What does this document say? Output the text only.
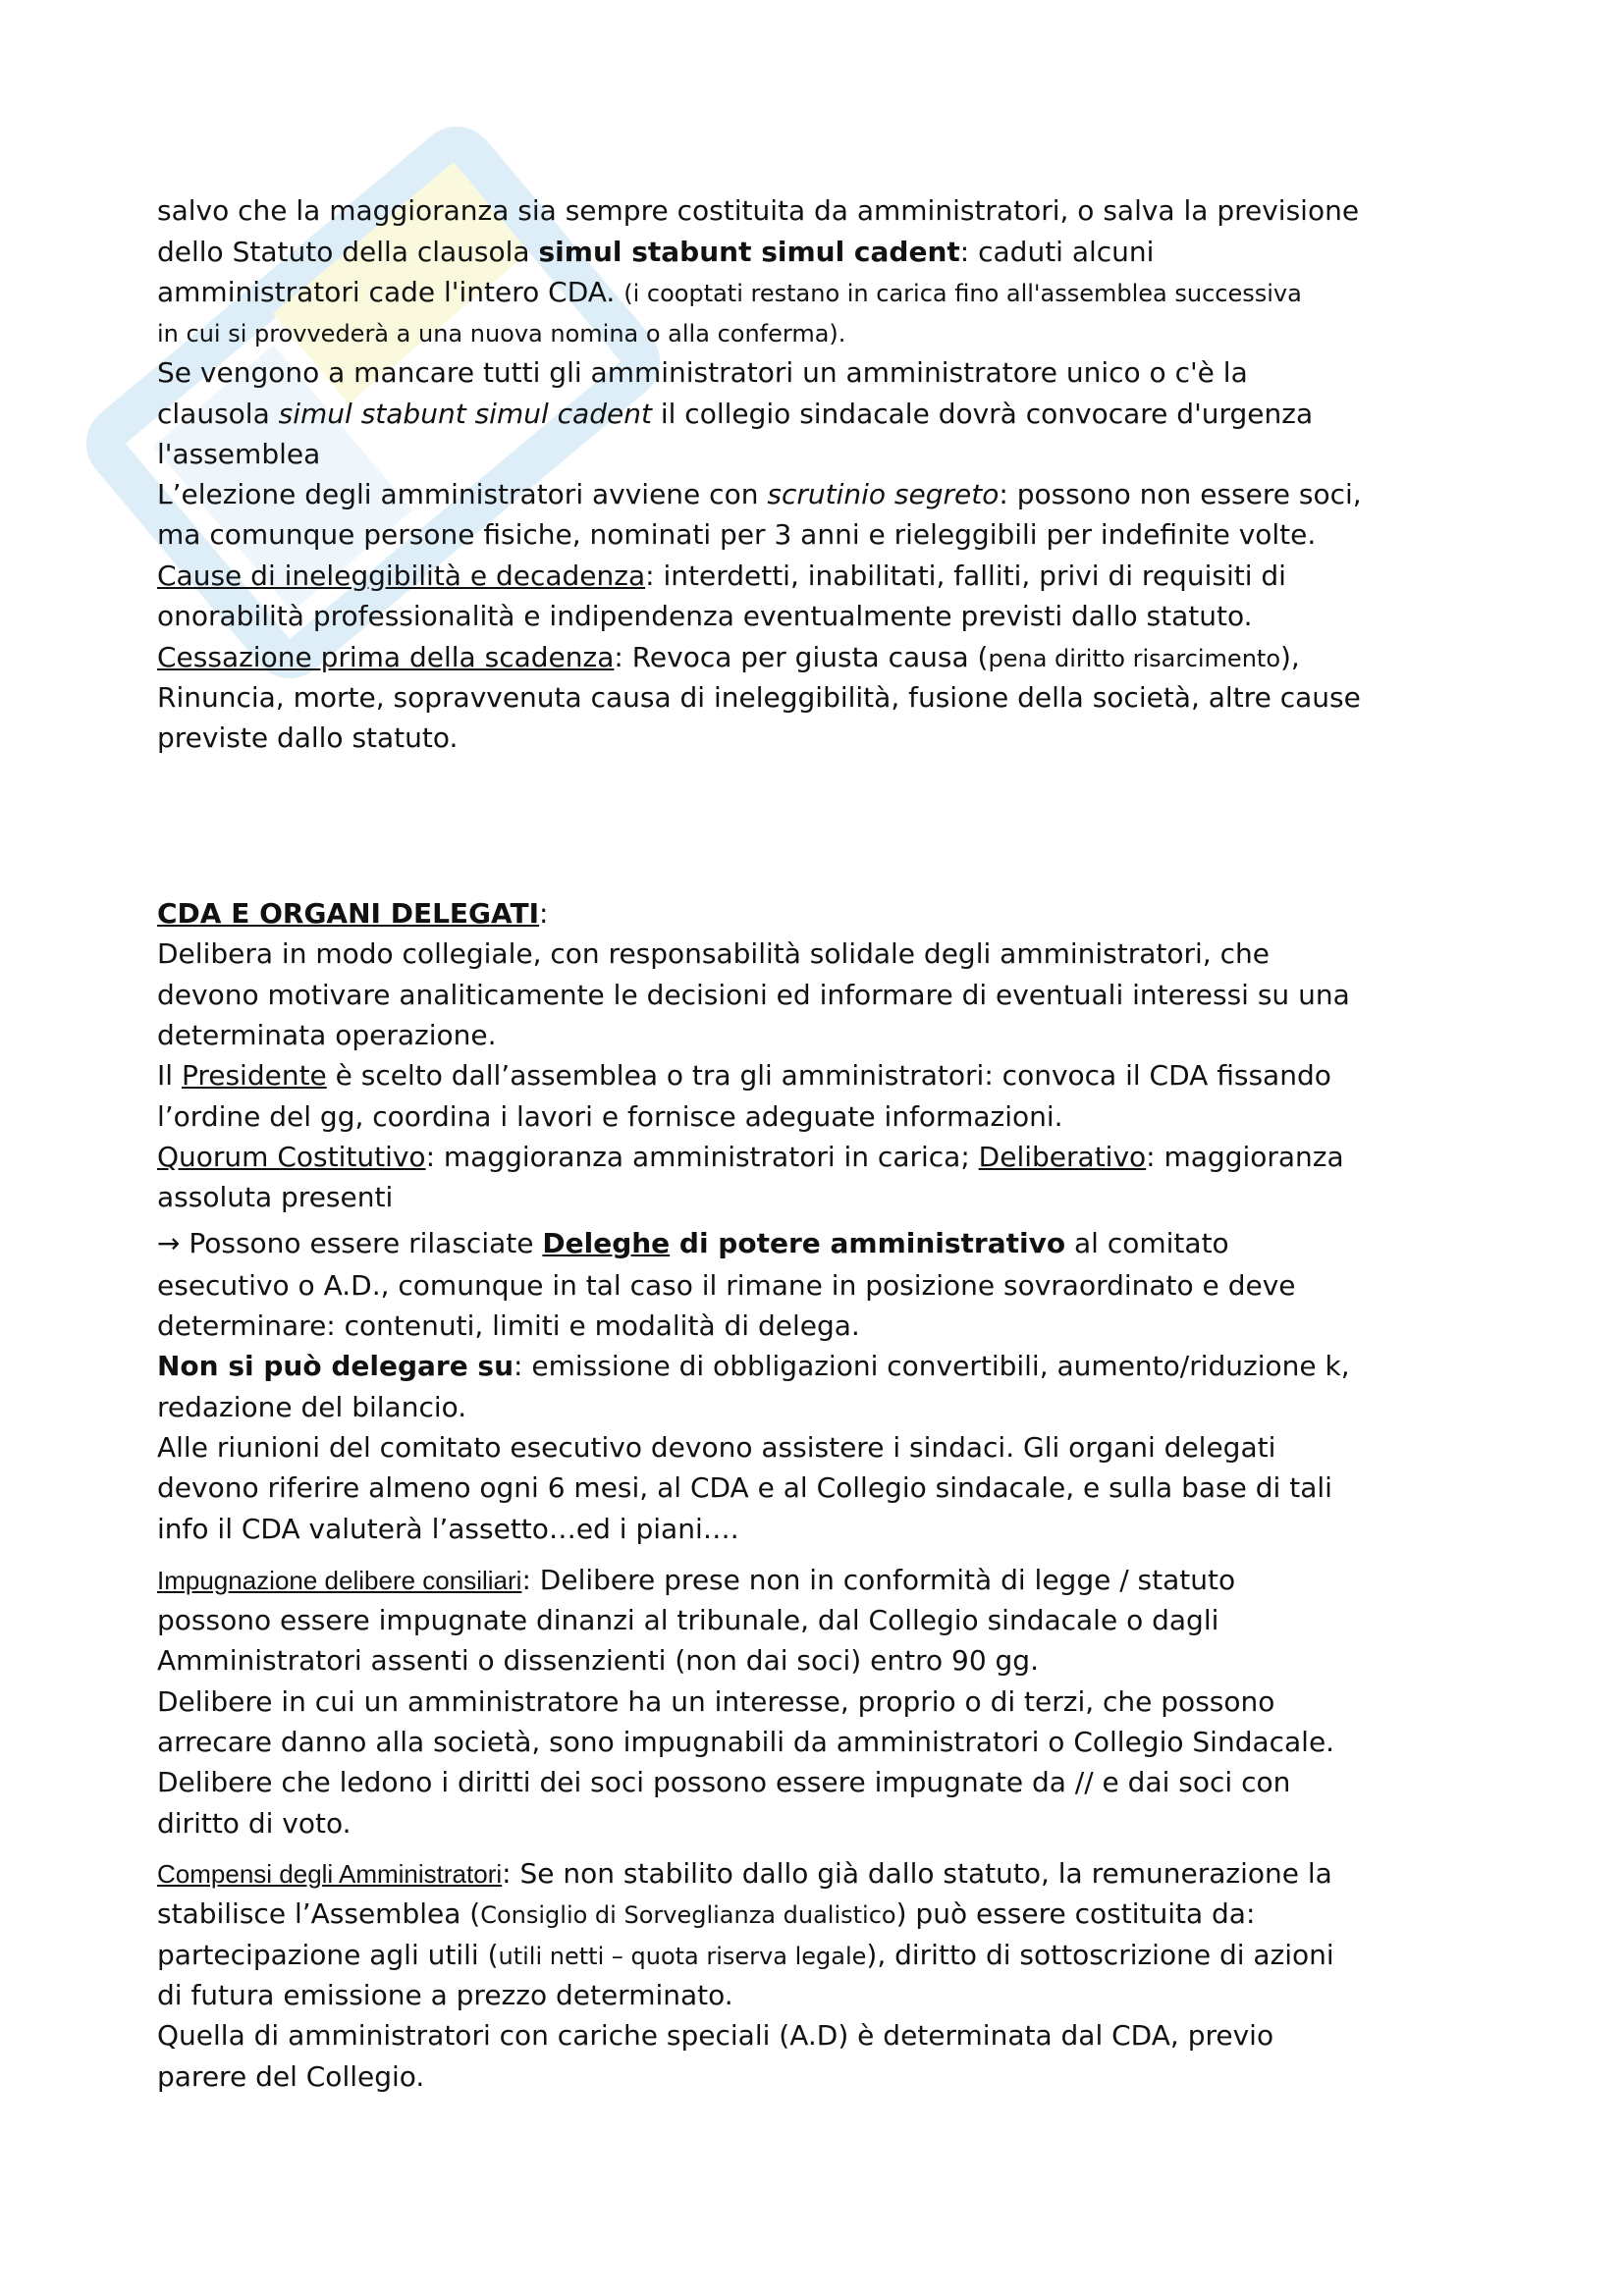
salvo che la maggioranza sia sempre costituita da amministratori, o salva la previsione
dello Statuto della clausola simul stabunt simul cadent: caduti alcuni
amministratori cade l'intero CDA. (i cooptati restano in carica fino all'assemblea successiva
in cui si provvederà a una nuova nomina o alla conferma).
Se vengono a mancare tutti gli amministratori un amministratore unico o c'è la
clausola simul stabunt simul cadent il collegio sindacale dovrà convocare d'urgenza
l'assemblea
L’elezione degli amministratori avviene con scrutinio segreto: possono non essere soci,
ma comunque persone fisiche, nominati per 3 anni e rieleggibili per indefinite volte.
Cause di ineleggibilità e decadenza: interdetti, inabilitati, falliti, privi di requisiti di
onorabilità professionalità e indipendenza eventualmente previsti dallo statuto.
Cessazione prima della scadenza: Revoca per giusta causa (pena diritto risarcimento),
Rinuncia, morte, sopravvenuta causa di ineleggibilità, fusione della società, altre cause
previste dallo statuto.
CDA E ORGANI DELEGATI:
Delibera in modo collegiale, con responsabilità solidale degli amministratori, che
devono motivare analiticamente le decisioni ed informare di eventuali interessi su una
determinata operazione.
Il Presidente è scelto dall’assemblea o tra gli amministratori: convoca il CDA fissando
l’ordine del gg, coordina i lavori e fornisce adeguate informazioni.
Quorum Costitutivo: maggioranza amministratori in carica; Deliberativo: maggioranza
assoluta presenti
→ Possono essere rilasciate Deleghe di potere amministrativo al comitato
esecutivo o A.D., comunque in tal caso il rimane in posizione sovraordinato e deve
determinare: contenuti, limiti e modalità di delega.
Non si può delegare su: emissione di obbligazioni convertibili, aumento/riduzione k,
redazione del bilancio.
Alle riunioni del comitato esecutivo devono assistere i sindaci. Gli organi delegati
devono riferire almeno ogni 6 mesi, al CDA e al Collegio sindacale, e sulla base di tali
info il CDA valuterà l’assetto…ed i piani….
Impugnazione delibere consiliari: Delibere prese non in conformità di legge / statuto
possono essere impugnate dinanzi al tribunale, dal Collegio sindacale o dagli
Amministratori assenti o dissenzienti (non dai soci) entro 90 gg.
Delibere in cui un amministratore ha un interesse, proprio o di terzi, che possono
arrecare danno alla società, sono impugnabili da amministratori o Collegio Sindacale.
Delibere che ledono i diritti dei soci possono essere impugnate da // e dai soci con
diritto di voto.
Compensi degli Amministratori: Se non stabilito dallo già dallo statuto, la remunerazione la
stabilisce l’Assemblea (Consiglio di Sorveglianza dualistico) può essere costituita da:
partecipazione agli utili (utili netti – quota riserva legale), diritto di sottoscrizione di azioni
di futura emissione a prezzo determinato.
Quella di amministratori con cariche speciali (A.D) è determinata dal CDA, previo
parere del Collegio.
